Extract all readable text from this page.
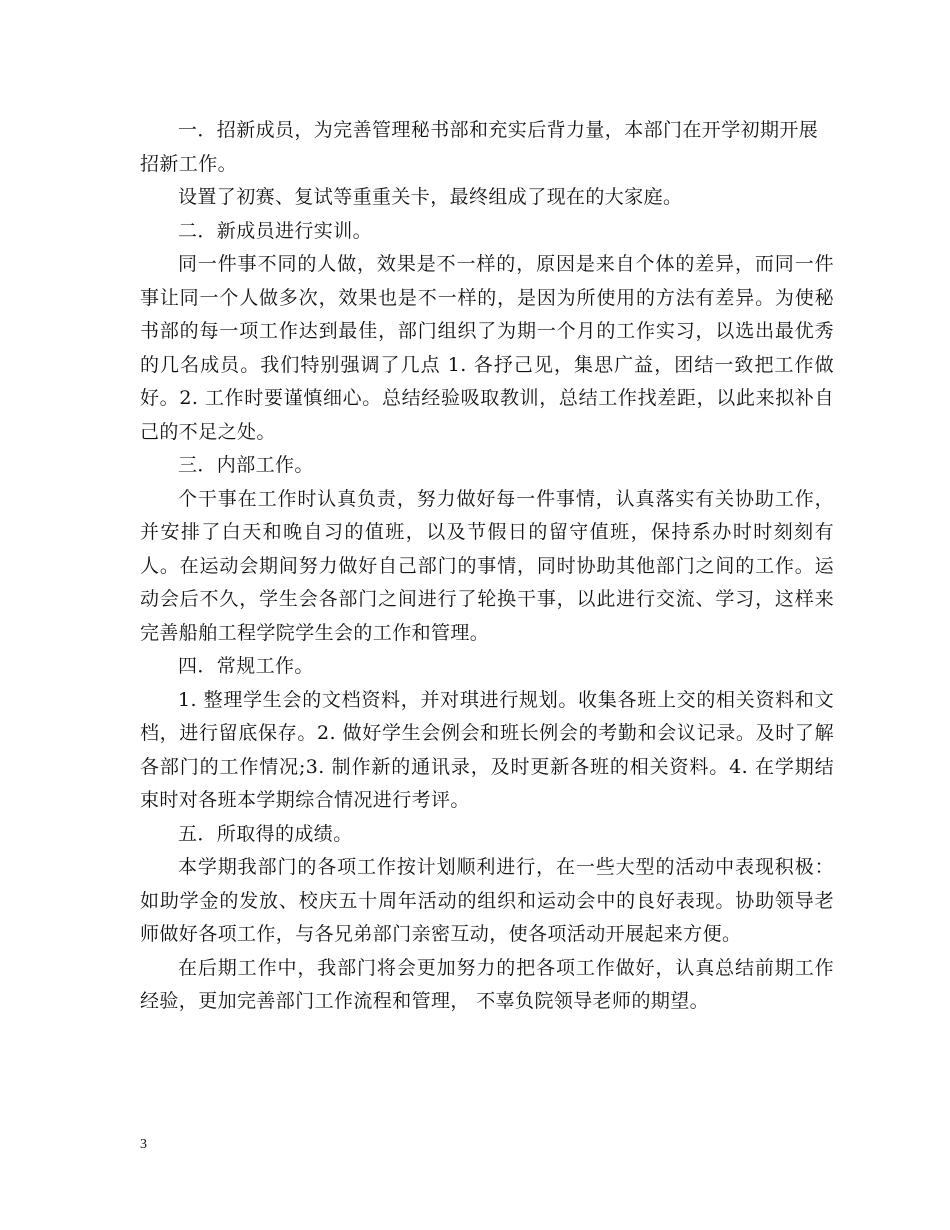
一．招新成员，为完善管理秘书部和充实后背力量，本部门在开学初期开展招新工作。

设置了初赛、复试等重重关卡，最终组成了现在的大家庭。

二．新成员进行实训。

同一件事不同的人做，效果是不一样的，原因是来自个体的差异，而同一件事让同一个人做多次，效果也是不一样的，是因为所使用的方法有差异。为使秘书部的每一项工作达到最佳，部门组织了为期一个月的工作实习，以选出最优秀的几名成员。我们特别强调了几点 1. 各抒己见，集思广益，团结一致把工作做好。2. 工作时要谨慎细心。总结经验吸取教训，总结工作找差距，以此来拟补自己的不足之处。

三．内部工作。

个干事在工作时认真负责，努力做好每一件事情，认真落实有关协助工作，并安排了白天和晚自习的值班，以及节假日的留守值班，保持系办时时刻刻有人。在运动会期间努力做好自己部门的事情，同时协助其他部门之间的工作。运动会后不久，学生会各部门之间进行了轮换干事，以此进行交流、学习，这样来完善船舶工程学院学生会的工作和管理。

四．常规工作。

1. 整理学生会的文档资料，并对琪进行规划。收集各班上交的相关资料和文档，进行留底保存。2. 做好学生会例会和班长例会的考勤和会议记录。及时了解各部门的工作情况;3. 制作新的通讯录，及时更新各班的相关资料。4. 在学期结束时对各班本学期综合情况进行考评。

五．所取得的成绩。

本学期我部门的各项工作按计划顺利进行，在一些大型的活动中表现积极：如助学金的发放、校庆五十周年活动的组织和运动会中的良好表现。协助领导老师做好各项工作，与各兄弟部门亲密互动，使各项活动开展起来方便。

在后期工作中，我部门将会更加努力的把各项工作做好，认真总结前期工作经验，更加完善部门工作流程和管理， 不辜负院领导老师的期望。

3
